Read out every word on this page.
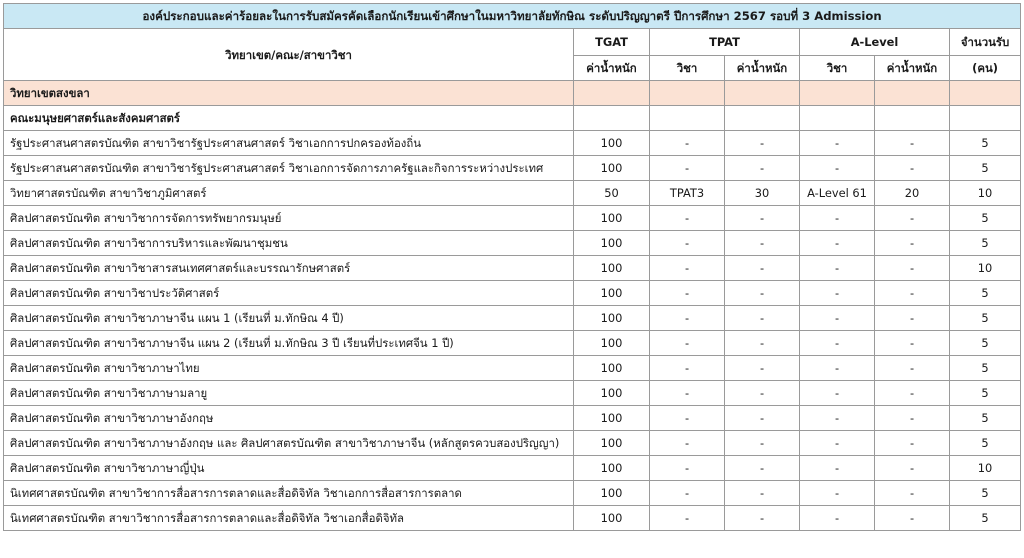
องค์ประกอบและค่าร้อยละในการรับสมัครคัดเลือกนักเรียนเข้าศึกษาในมหาวิทยาลัยทักษิณ ระดับปริญญาตรี ปีการศึกษา 2567 รอบที่ 3 Admission						
วิทยาเขต/คณะ/สาขาวิชา	TGAT	TPAT		A-Level		จำนวนรับ
	ค่าน้ำหนัก	วิชา	ค่าน้ำหนัก	วิชา	ค่าน้ำหนัก	(คน)
วิทยาเขตสงขลา						
คณะมนุษยศาสตร์และสังคมศาสตร์						
รัฐประศาสนศาสตรบัณฑิต สาขาวิชารัฐประศาสนศาสตร์ วิชาเอกการปกครองท้องถิ่น	100	-	-	-	-	5
รัฐประศาสนศาสตรบัณฑิต สาขาวิชารัฐประศาสนศาสตร์ วิชาเอกการจัดการภาครัฐและกิจการระหว่างประเทศ	100	-	-	-	-	5
วิทยาศาสตรบัณฑิต สาขาวิชาภูมิศาสตร์	50	TPAT3	30	A-Level 61	20	10
ศิลปศาสตรบัณฑิต สาขาวิชาการจัดการทรัพยากรมนุษย์	100	-	-	-	-	5
ศิลปศาสตรบัณฑิต สาขาวิชาการบริหารและพัฒนาชุมชน	100	-	-	-	-	5
ศิลปศาสตรบัณฑิต สาขาวิชาสารสนเทศศาสตร์และบรรณารักษศาสตร์	100	-	-	-	-	10
ศิลปศาสตรบัณฑิต สาขาวิชาประวัติศาสตร์	100	-	-	-	-	5
ศิลปศาสตรบัณฑิต สาขาวิชาภาษาจีน แผน 1 (เรียนที่ ม.ทักษิณ 4 ปี)	100	-	-	-	-	5
ศิลปศาสตรบัณฑิต สาขาวิชาภาษาจีน แผน 2 (เรียนที่ ม.ทักษิณ 3 ปี เรียนที่ประเทศจีน 1 ปี)	100	-	-	-	-	5
ศิลปศาสตรบัณฑิต สาขาวิชาภาษาไทย	100	-	-	-	-	5
ศิลปศาสตรบัณฑิต สาขาวิชาภาษามลายู	100	-	-	-	-	5
ศิลปศาสตรบัณฑิต สาขาวิชาภาษาอังกฤษ	100	-	-	-	-	5
ศิลปศาสตรบัณฑิต สาขาวิชาภาษาอังกฤษ และ ศิลปศาสตรบัณฑิต สาขาวิชาภาษาจีน (หลักสูตรควบสองปริญญา)	100	-	-	-	-	5
ศิลปศาสตรบัณฑิต สาขาวิชาภาษาญี่ปุ่น	100	-	-	-	-	10
นิเทศศาสตรบัณฑิต สาขาวิชาการสื่อสารการตลาดและสื่อดิจิทัล วิชาเอกการสื่อสารการตลาด	100	-	-	-	-	5
นิเทศศาสตรบัณฑิต สาขาวิชาการสื่อสารการตลาดและสื่อดิจิทัล วิชาเอกสื่อดิจิทัล	100	-	-	-	-	5
